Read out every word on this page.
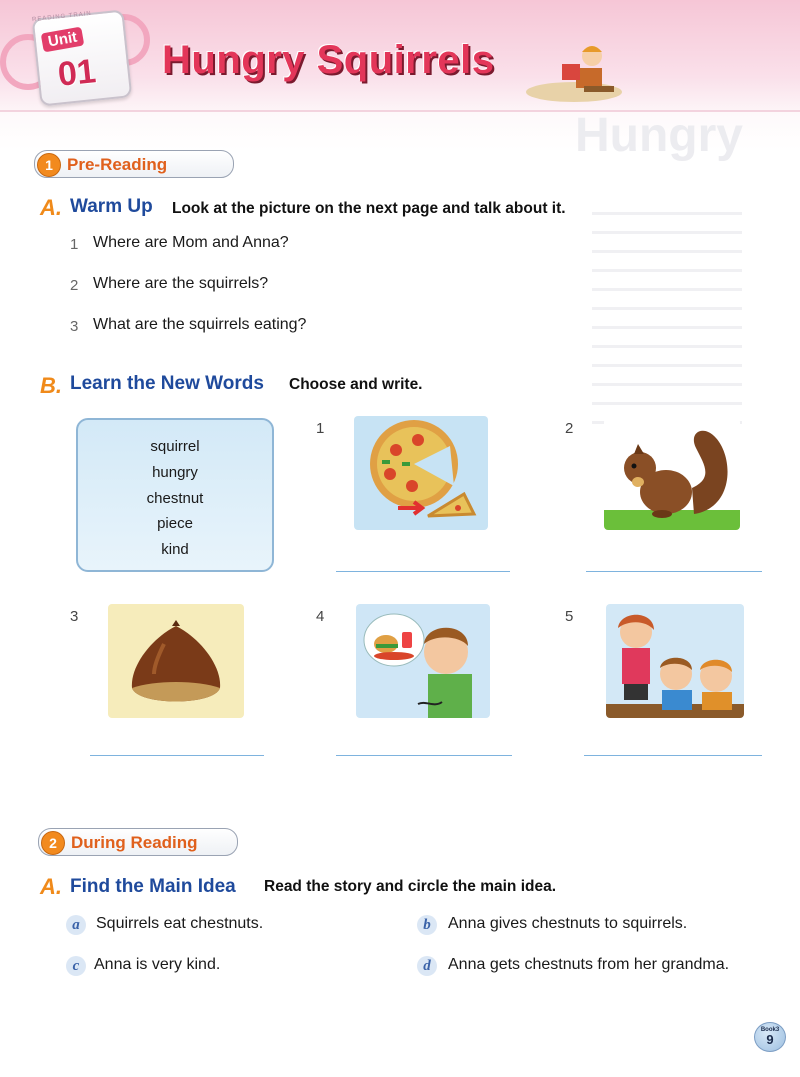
READING TRAIN
Unit
01 Hungry Squirrels
Hungry
1 Pre-Reading
A. Warm Up Look at the picture on the next page and talk about it.
1 Where are Mom and Anna?
2 Where are the squirrels?
3 What are the squirrels eating?
B. Learn the New Words Choose and write.
squirrel
hungry
chestnut
piece
kind
1	2
3	4	5
2 During Reading
A. Find the Main Idea Read the story and circle the main idea.
a	Squirrels eat chestnuts.	b	Anna gives chestnuts to squirrels.
c Anna is very kind.	d	Anna gets chestnuts from her grandma.
Book3
9
